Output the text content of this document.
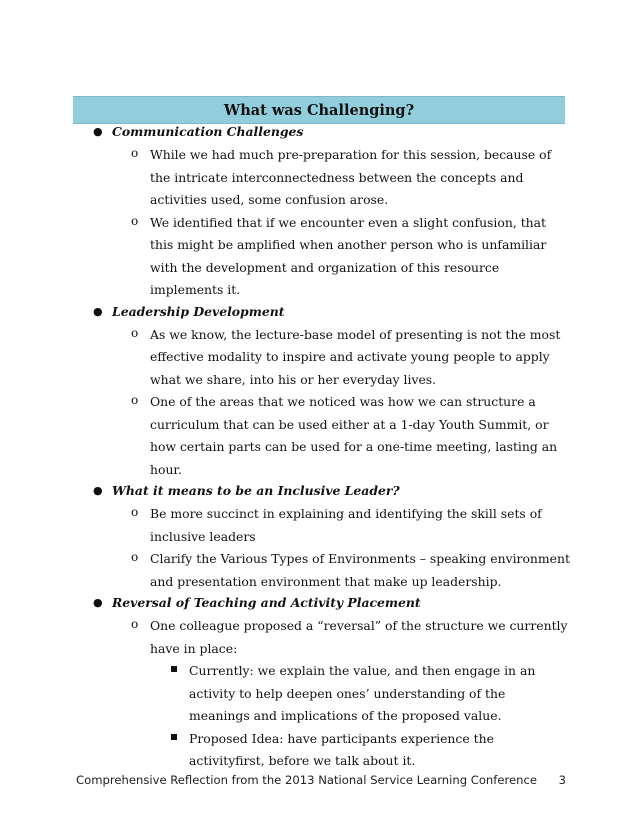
What was Challenging?
● Communication Challenges
o While we had much pre-preparation for this session, because of the intricate interconnectedness between the concepts and activities used, some confusion arose.
o We identified that if we encounter even a slight confusion, that this might be amplified when another person who is unfamiliar with the development and organization of this resource implements it.
● Leadership Development
o As we know, the lecture-base model of presenting is not the most effective modality to inspire and activate young people to apply what we share, into his or her everyday lives.
o One of the areas that we noticed was how we can structure a curriculum that can be used either at a 1-day Youth Summit, or how certain parts can be used for a one-time meeting, lasting an hour.
● What it means to be an Inclusive Leader?
o Be more succinct in explaining and identifying the skill sets of inclusive leaders
o Clarify the Various Types of Environments – speaking environment and presentation environment that make up leadership.
● Reversal of Teaching and Activity Placement
o One colleague proposed a “reversal” of the structure we currently have in place:
Currently: we explain the value, and then engage in an activity to help deepen ones’ understanding of the meanings and implications of the proposed value.
Proposed Idea: have participants experience the activityfirst, before we talk about it.
Comprehensive Reflection from the 2013 National Service Learning Conference 3
